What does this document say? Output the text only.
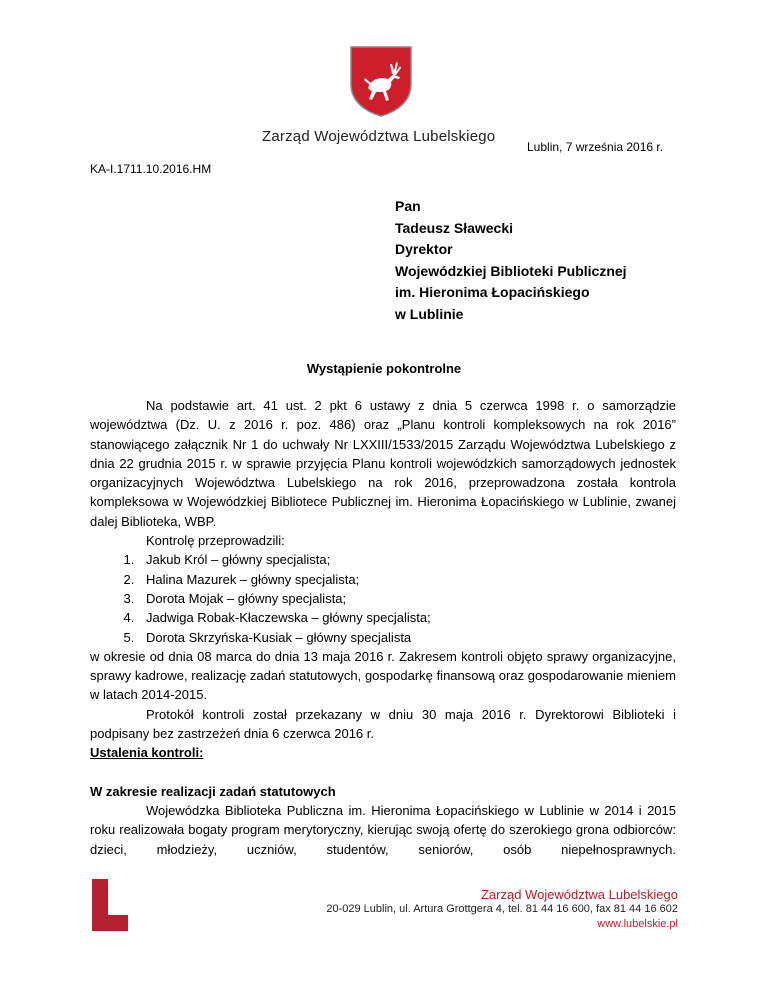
Zarząd Województwa Lubelskiego
Lublin, 7 września 2016 r.
KA-I.1711.10.2016.HM
Pan
Tadeusz Sławecki
Dyrektor
Wojewódzkiej Biblioteki Publicznej
im. Hieronima Łopacińskiego
w Lublinie
Wystąpienie pokontrolne
Na podstawie art. 41 ust. 2 pkt 6 ustawy z dnia 5 czerwca 1998 r. o samorządzie województwa (Dz. U. z 2016 r. poz. 486) oraz „Planu kontroli kompleksowych na rok 2016” stanowiącego załącznik Nr 1 do uchwały Nr LXXIII/1533/2015 Zarządu Województwa Lubelskiego z dnia 22 grudnia 2015 r. w sprawie przyjęcia Planu kontroli wojewódzkich samorządowych jednostek organizacyjnych Województwa Lubelskiego na rok 2016, przeprowadzona została kontrola kompleksowa w Wojewódzkiej Bibliotece Publicznej im. Hieronima Łopacińskiego w Lublinie, zwanej dalej Biblioteka, WBP.
Kontrolę przeprowadzili:
1. Jakub Król – główny specjalista;
2. Halina Mazurek – główny specjalista;
3. Dorota Mojak – główny specjalista;
4. Jadwiga Robak-Kłaczewska – główny specjalista;
5. Dorota Skrzyńska-Kusiak – główny specjalista
w okresie od dnia 08 marca do dnia 13 maja 2016 r. Zakresem kontroli objęto sprawy organizacyjne, sprawy kadrowe, realizację zadań statutowych, gospodarkę finansową oraz gospodarowanie mieniem w latach 2014-2015.
Protokół kontroli został przekazany w dniu 30 maja 2016 r. Dyrektorowi Biblioteki i podpisany bez zastrzeżeń dnia 6 czerwca 2016 r.
Ustalenia kontroli:
W zakresie realizacji zadań statutowych
Wojewódzka Biblioteka Publiczna im. Hieronima Łopacińskiego w Lublinie w 2014 i 2015 roku realizowała bogaty program merytoryczny, kierując swoją ofertę do szerokiego grona odbiorców: dzieci, młodzieży, uczniów, studentów, seniorów, osób niepełnosprawnych.
Zarząd Województwa Lubelskiego
20-029 Lublin, ul. Artura Grottgera 4, tel. 81 44 16 600, fax 81 44 16 602
www.lubelskie.pl
